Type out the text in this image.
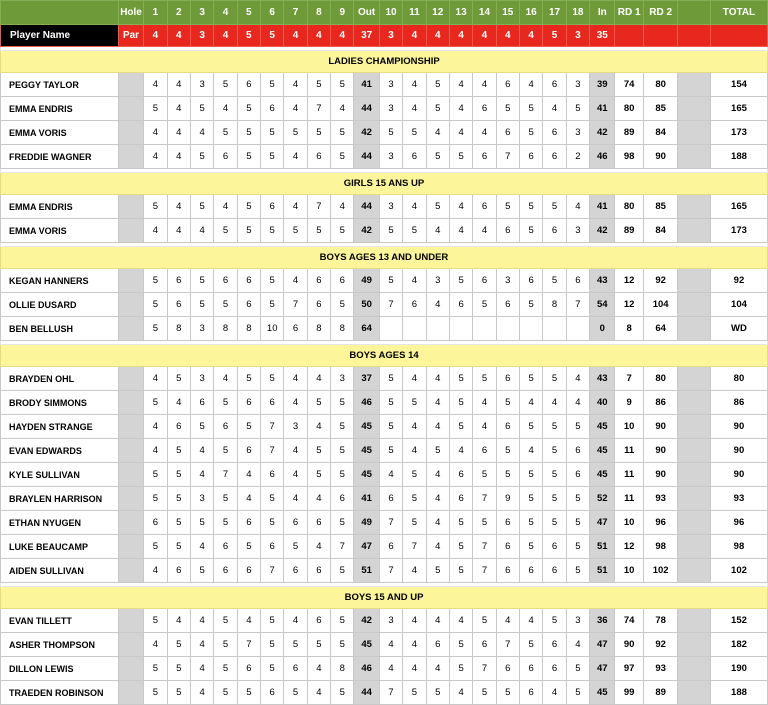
	Hole	1	2	3	4	5	6	7	8	9	Out	10	11	12	13	14	15	16	17	18	In	RD 1	RD 2		TOTAL
Player Name	Par	4	4	3	4	5	5	4	4	4	37	3	4	4	4	4	4	4	5	3	35				

LADIES CHAMPIONSHIP																									
PEGGY TAYLOR		4	4	3	5	6	5	4	5	5	41	3	4	5	4	4	6	4	6	3	39	74	80		154
EMMA ENDRIS		5	4	5	4	5	6	4	7	4	44	3	4	5	4	6	5	5	4	5	41	80	85		165
EMMA VORIS		4	4	4	5	5	5	5	5	5	42	5	5	4	4	4	6	5	6	3	42	89	84		173
FREDDIE WAGNER		4	4	5	6	5	5	4	6	5	44	3	6	5	5	6	7	6	6	2	46	98	90		188

GIRLS 15 ANS UP																									
EMMA ENDRIS		5	4	5	4	5	6	4	7	4	44	3	4	5	4	6	5	5	5	4	41	80	85		165
EMMA VORIS		4	4	4	5	5	5	5	5	5	42	5	5	4	4	4	6	5	6	3	42	89	84		173

BOYS AGES 13 AND UNDER																									
KEGAN HANNERS		5	6	5	6	6	5	4	6	6	49	5	4	3	5	6	3	6	5	6	43	12	92		92
OLLIE DUSARD		5	6	5	5	6	5	7	6	5	50	7	6	4	6	5	6	5	8	7	54	12	104		104
BEN BELLUSH		5	8	3	8	8	10	6	8	8	64										0	8	64		WD

BOYS AGES 14																									
BRAYDEN OHL		4	5	3	4	5	5	4	4	3	37	5	4	4	5	5	6	5	5	4	43	7	80		80
BRODY SIMMONS		5	4	6	5	6	6	4	5	5	46	5	5	4	5	4	5	4	4	4	40	9	86		86
HAYDEN STRANGE		4	6	5	6	5	7	3	4	5	45	5	4	4	5	4	6	5	5	5	45	10	90		90
EVAN EDWARDS		4	5	4	5	6	7	4	5	5	45	5	4	5	4	6	5	4	5	6	45	11	90		90
KYLE SULLIVAN		5	5	4	7	4	6	4	5	5	45	4	5	4	6	5	5	5	5	6	45	11	90		90
BRAYLEN HARRISON		5	5	3	5	4	5	4	4	6	41	6	5	4	6	7	9	5	5	5	52	11	93		93
ETHAN NYUGEN		6	5	5	5	6	5	6	6	5	49	7	5	4	5	5	6	5	5	5	47	10	96		96
LUKE BEAUCAMP		5	5	4	6	5	6	5	4	7	47	6	7	4	5	7	6	5	6	5	51	12	98		98
AIDEN SULLIVAN		4	6	5	6	6	7	6	6	5	51	7	4	5	5	7	6	6	6	5	51	10	102		102

BOYS 15 AND UP																									
EVAN TILLETT		5	4	4	5	4	5	4	6	5	42	3	4	4	4	5	4	4	5	3	36	74	78		152
ASHER THOMPSON		4	5	4	5	7	5	5	5	5	45	4	4	6	5	6	7	5	6	4	47	90	92		182
DILLON LEWIS		5	5	4	5	6	5	6	4	8	46	4	4	4	5	7	6	6	6	5	47	97	93		190
TRAEDEN ROBINSON		5	5	4	5	5	6	5	4	5	44	7	5	5	4	5	5	6	4	5	45	99	89		188
